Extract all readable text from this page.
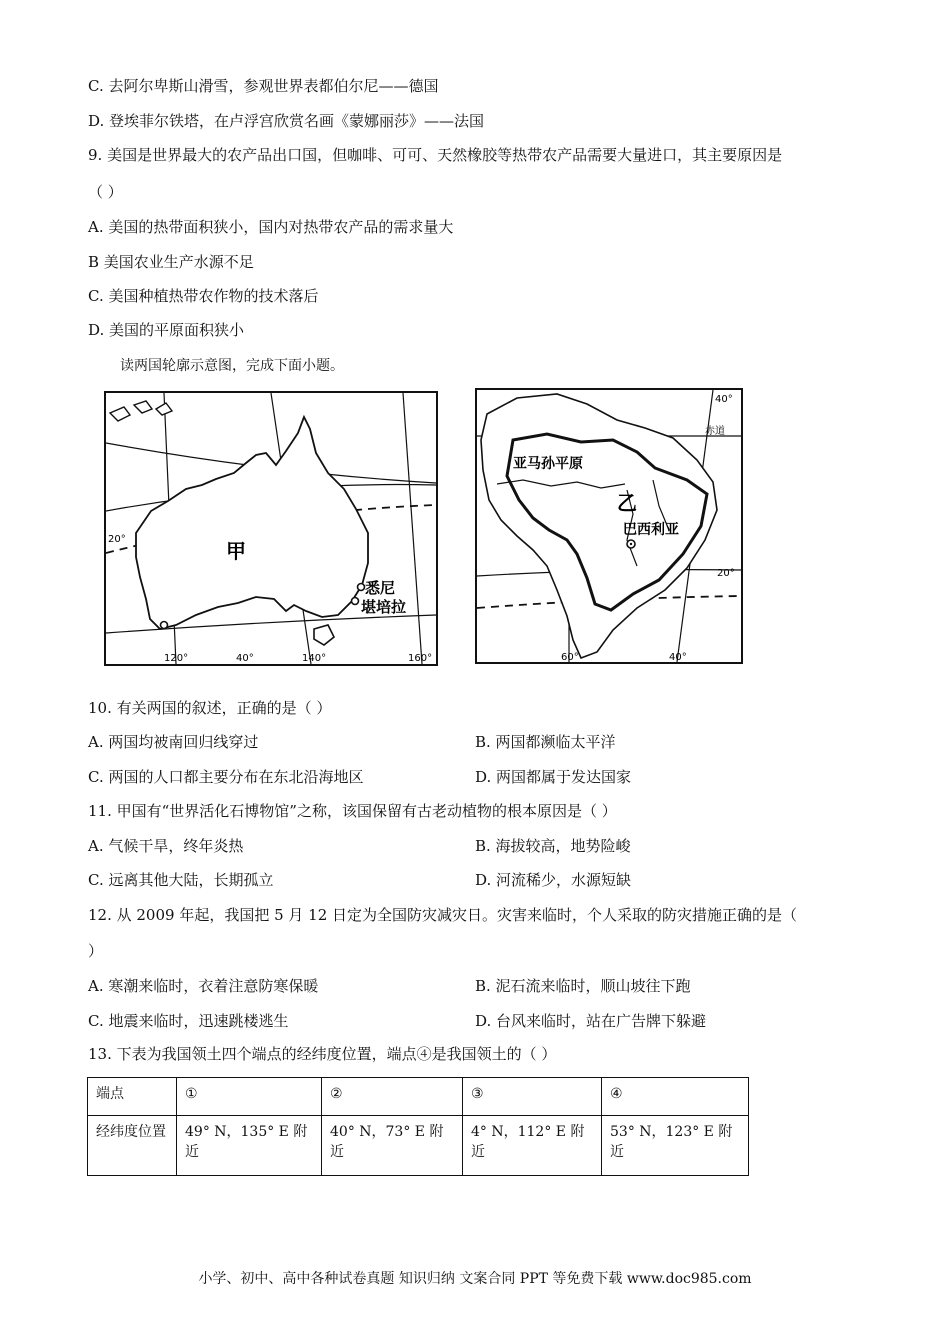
C. 去阿尔卑斯山滑雪，参观世界表都伯尔尼——德国
D. 登埃菲尔铁塔，在卢浮宫欣赏名画《蒙娜丽莎》——法国
9. 美国是世界最大的农产品出口国，但咖啡、可可、天然橡胶等热带农产品需要大量进口，其主要原因是
（ ）
A. 美国的热带面积狭小，国内对热带农产品的需求量大
B 美国农业生产水源不足
C. 美国种植热带农作物的技术落后
D. 美国的平原面积狭小
读两国轮廓示意图，完成下面小题。
甲
悉尼
堪培拉
20°
120°	40°	140°	160°
亚马孙平原
乙
巴西利亚
赤道
20°
40°
60°	40°
10. 有关两国的叙述，正确的是（ ）
A. 两国均被南回归线穿过	B. 两国都濒临太平洋
C. 两国的人口都主要分布在东北沿海地区	D. 两国都属于发达国家
11. 甲国有“世界活化石博物馆”之称，该国保留有古老动植物的根本原因是（ ）
A. 气候干旱，终年炎热	B. 海拔较高，地势险峻
C. 远离其他大陆，长期孤立	D. 河流稀少，水源短缺
12. 从 2009 年起，我国把 5 月 12 日定为全国防灾减灾日。灾害来临时，个人采取的防灾措施正确的是（
）
A. 寒潮来临时，衣着注意防寒保暖	B. 泥石流来临时，顺山坡往下跑
C. 地震来临时，迅速跳楼逃生	D. 台风来临时，站在广告牌下躲避
13. 下表为我国领土四个端点的经纬度位置，端点④是我国领土的（ ）
端点	①	②	③	④
经纬度位置	49° N，135° E 附近	40° N，73° E 附近	4° N，112° E 附近	53° N，123° E 附近
小学、初中、高中各种试卷真题 知识归纳 文案合同 PPT 等免费下载 www.doc985.com
